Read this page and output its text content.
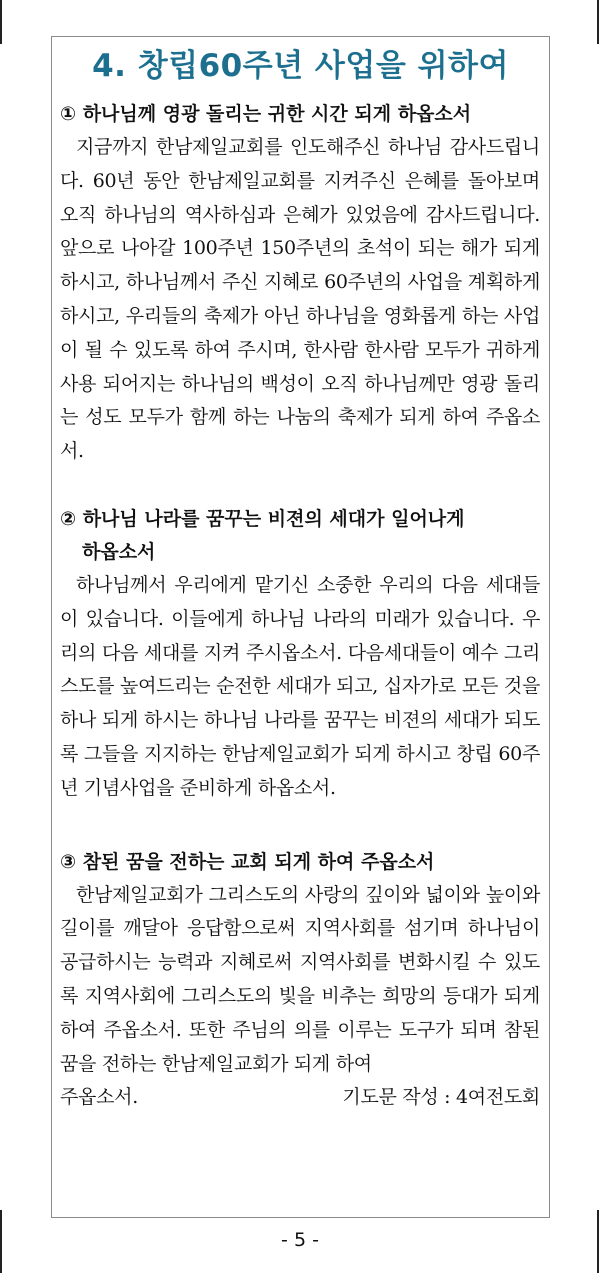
4. 창립60주년 사업을 위하여
① 하나님께 영광 돌리는 귀한 시간 되게 하옵소서
지금까지 한남제일교회를 인도해주신 하나님 감사드립니다. 60년 동안 한남제일교회를 지켜주신 은혜를 돌아보며 오직 하나님의 역사하심과 은혜가 있었음에 감사드립니다. 앞으로 나아갈 100주년 150주년의 초석이 되는 해가 되게 하시고, 하나님께서 주신 지혜로 60주년의 사업을 계획하게 하시고, 우리들의 축제가 아닌 하나님을 영화롭게 하는 사업이 될 수 있도록 하여 주시며, 한사람 한사람 모두가 귀하게 사용 되어지는 하나님의 백성이 오직 하나님께만 영광 돌리는 성도 모두가 함께 하는 나눔의 축제가 되게 하여 주옵소서.
② 하나님 나라를 꿈꾸는 비젼의 세대가 일어나게
하옵소서
하나님께서 우리에게 맡기신 소중한 우리의 다음 세대들이 있습니다. 이들에게 하나님 나라의 미래가 있습니다. 우리의 다음 세대를 지켜 주시옵소서. 다음세대들이 예수 그리스도를 높여드리는 순전한 세대가 되고, 십자가로 모든 것을 하나 되게 하시는 하나님 나라를 꿈꾸는 비젼의 세대가 되도록 그들을 지지하는 한남제일교회가 되게 하시고 창립 60주년 기념사업을 준비하게 하옵소서.
③ 참된 꿈을 전하는 교회 되게 하여 주옵소서
한남제일교회가 그리스도의 사랑의 깊이와 넓이와 높이와 길이를 깨달아 응답함으로써 지역사회를 섬기며 하나님이 공급하시는 능력과 지혜로써 지역사회를 변화시킬 수 있도록 지역사회에 그리스도의 빛을 비추는 희망의 등대가 되게 하여 주옵소서. 또한 주님의 의를 이루는 도구가 되며 참된 꿈을 전하는 한남제일교회가 되게 하여
주옵소서.	기도문 작성 : 4여전도회
- 5 -
